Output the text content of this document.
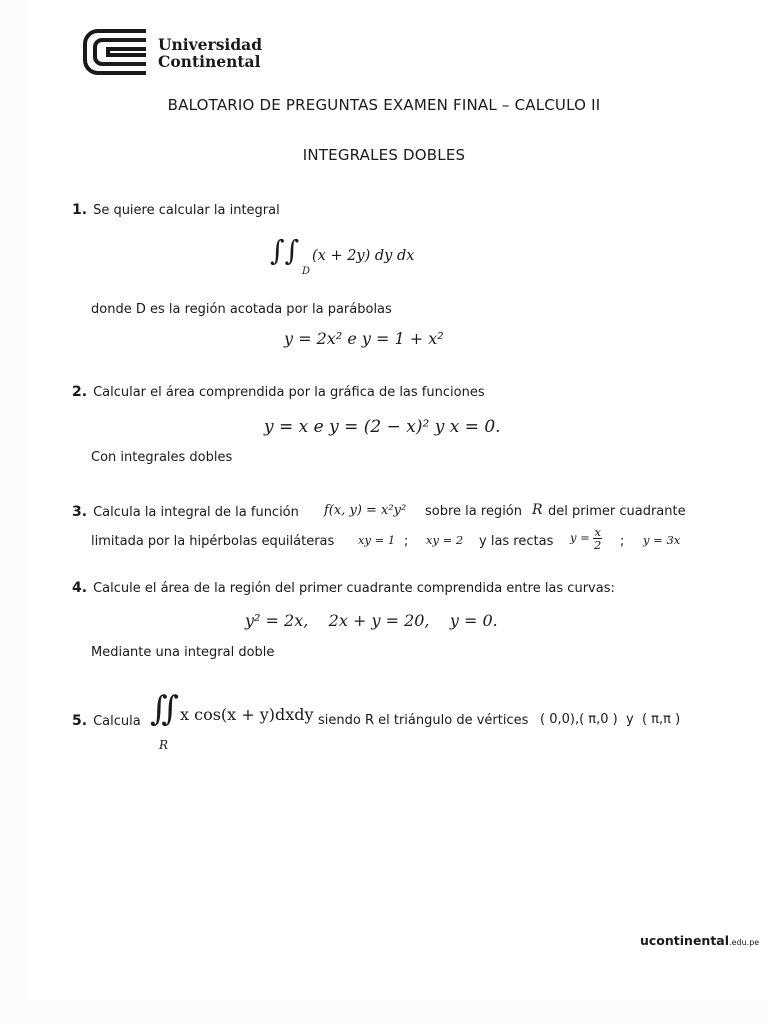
Universidad
Continental
BALOTARIO DE PREGUNTAS EXAMEN FINAL – CALCULO II
INTEGRALES DOBLES
1. Se quiere calcular la integral
∫∫
D
(x + 2y) dy dx
donde D es la región acotada por la parábolas
y = 2x² e y = 1 + x²
2. Calcular el área comprendida por la gráfica de las funciones
y = x e y = (2 − x)² y x = 0.
Con integrales dobles
3. Calcula la integral de la función f(x, y) = x²y² sobre la región R del primer cuadrante
limitada por la hipérbolas equiláteras xy = 1 ; xy = 2 y las rectas $y = \frac{x}{2}$ ; y = 3x
4. Calcule el área de la región del primer cuadrante comprendida entre las curvas:
y² = 2x,    2x + y = 20,    y = 0.
Mediante una integral doble
5. Calcula ∬
R
x cos(x + y)dxdy siendo R el triángulo de vértices ( 0,0),( π,0 )  y  ( π,π )
ucontinental.edu.pe
